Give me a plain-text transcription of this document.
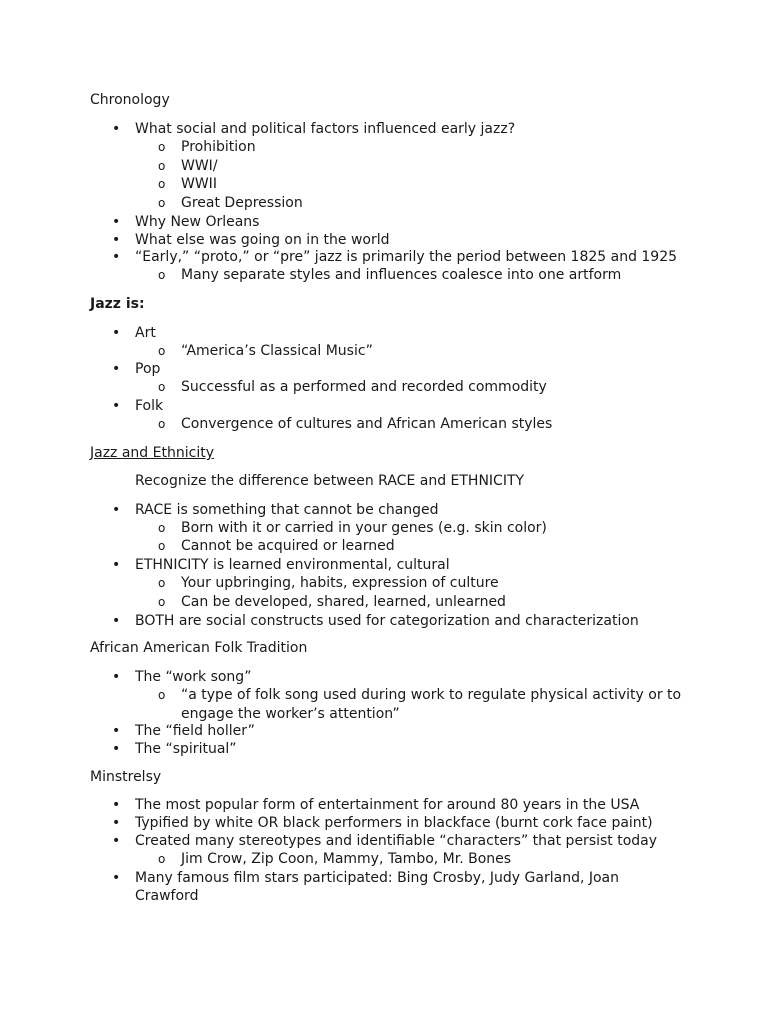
Chronology
• What social and political factors influenced early jazz?
o Prohibition
o WWI/
o WWII
o Great Depression
• Why New Orleans
• What else was going on in the world
• “Early,” “proto,” or “pre” jazz is primarily the period between 1825 and 1925
o Many separate styles and influences coalesce into one artform
Jazz is:
• Art
o “America’s Classical Music”
• Pop
o Successful as a performed and recorded commodity
• Folk
o Convergence of cultures and African American styles
Jazz and Ethnicity
Recognize the difference between RACE and ETHNICITY
• RACE is something that cannot be changed
o Born with it or carried in your genes (e.g. skin color)
o Cannot be acquired or learned
• ETHNICITY is learned environmental, cultural
o Your upbringing, habits, expression of culture
o Can be developed, shared, learned, unlearned
• BOTH are social constructs used for categorization and characterization
African American Folk Tradition
• The “work song”
o “a type of folk song used during work to regulate physical activity or to
engage the worker’s attention”
• The “field holler”
• The “spiritual”
Minstrelsy
• The most popular form of entertainment for around 80 years in the USA
• Typified by white OR black performers in blackface (burnt cork face paint)
• Created many stereotypes and identifiable “characters” that persist today
o Jim Crow, Zip Coon, Mammy, Tambo, Mr. Bones
• Many famous film stars participated: Bing Crosby, Judy Garland, Joan
Crawford
